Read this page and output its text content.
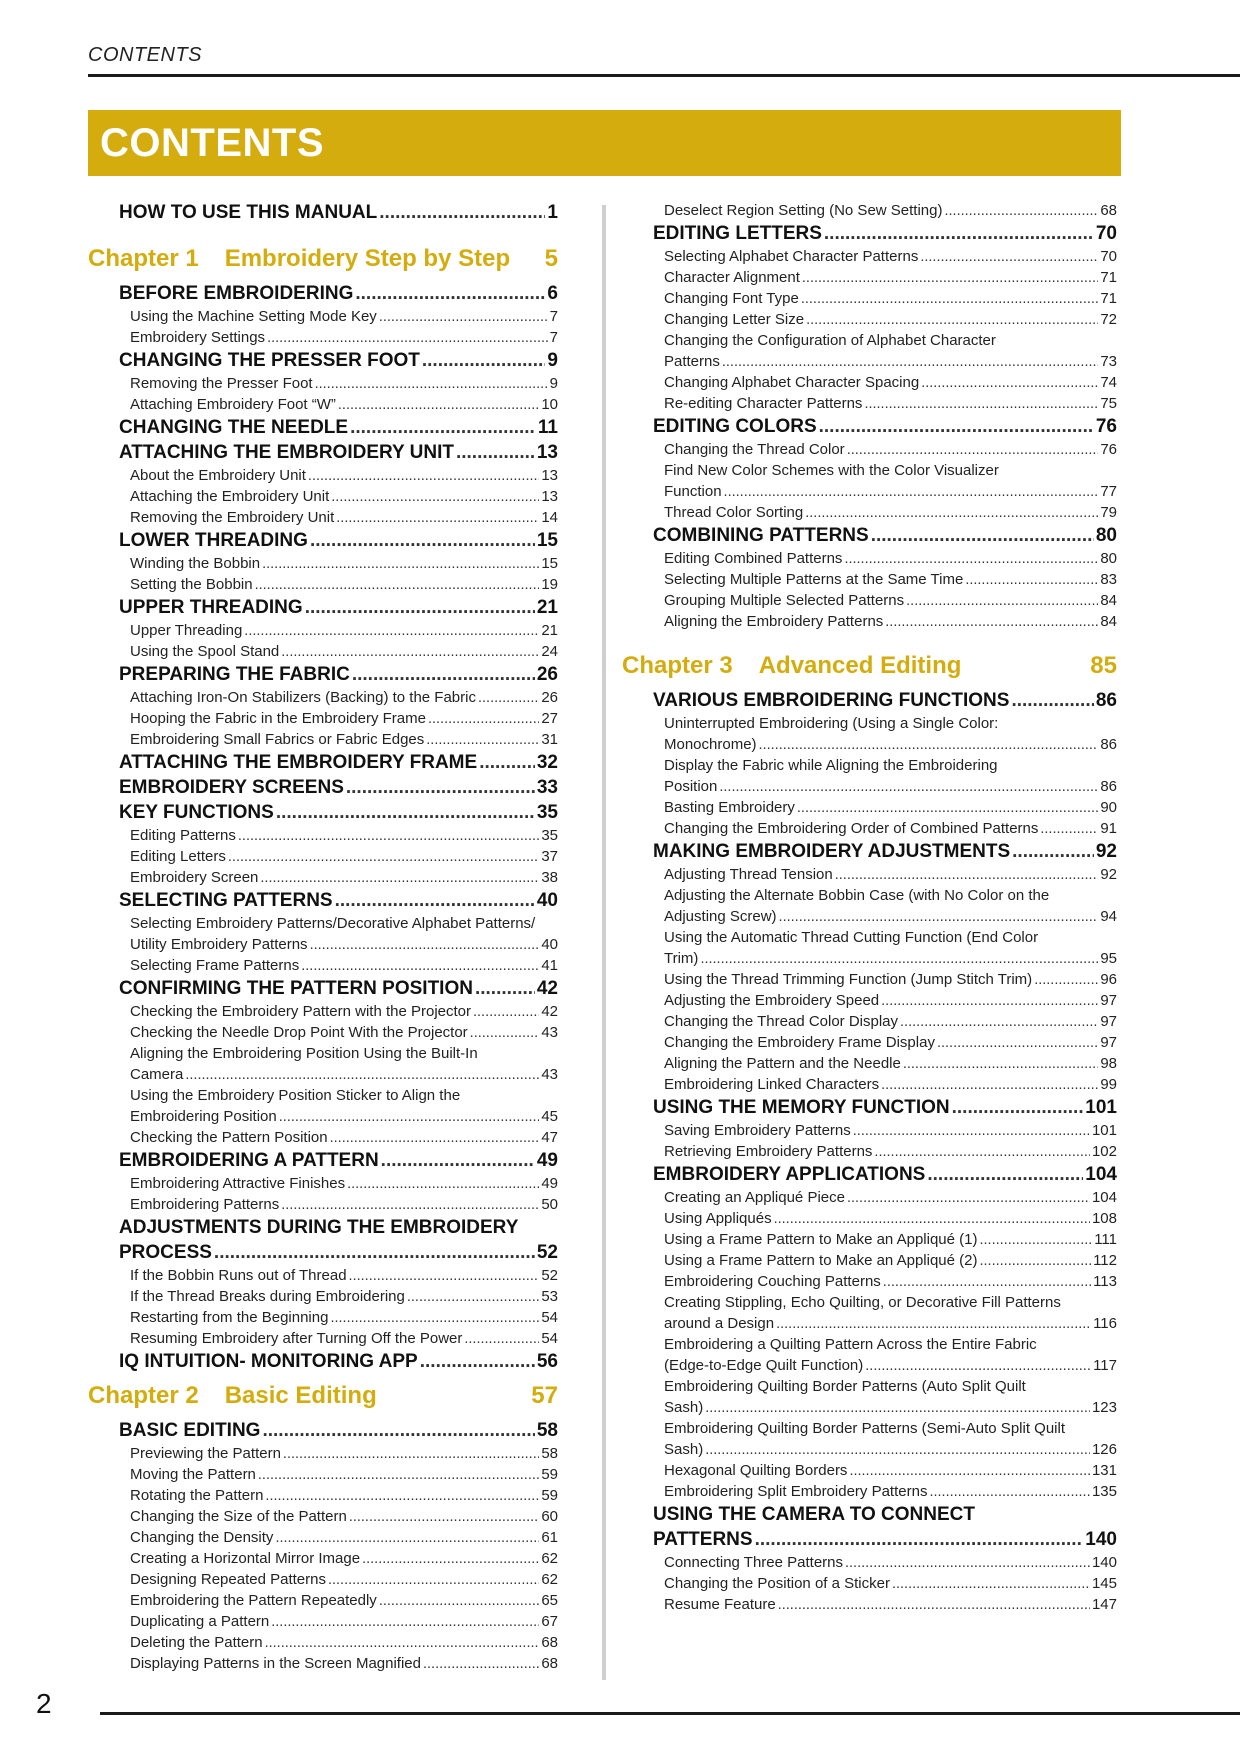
CONTENTS
CONTENTS
HOW TO USE THIS MANUAL .....	1
Chapter 1 Embroidery Step by Step	5
BEFORE EMBROIDERING .....	6
Using the Machine Setting Mode Key .....	7
Embroidery Settings .....	7
CHANGING THE PRESSER FOOT .....	9
Removing the Presser Foot .....	9
Attaching Embroidery Foot “W” .....	10
CHANGING THE NEEDLE .....	11
ATTACHING THE EMBROIDERY UNIT .....	13
About the Embroidery Unit .....	13
Attaching the Embroidery Unit .....	13
Removing the Embroidery Unit .....	14
LOWER THREADING .....	15
Winding the Bobbin .....	15
Setting the Bobbin .....	19
UPPER THREADING .....	21
Upper Threading .....	21
Using the Spool Stand .....	24
PREPARING THE FABRIC .....	26
Attaching Iron-On Stabilizers (Backing) to the Fabric .....	26
Hooping the Fabric in the Embroidery Frame .....	27
Embroidering Small Fabrics or Fabric Edges .....	31
ATTACHING THE EMBROIDERY FRAME .....	32
EMBROIDERY SCREENS .....	33
KEY FUNCTIONS .....	35
Editing Patterns .....	35
Editing Letters .....	37
Embroidery Screen .....	38
SELECTING PATTERNS .....	40
Selecting Embroidery Patterns/Decorative Alphabet Patterns/
Utility Embroidery Patterns .....	40
Selecting Frame Patterns .....	41
CONFIRMING THE PATTERN POSITION .....	42
Checking the Embroidery Pattern with the Projector .....	42
Checking the Needle Drop Point With the Projector .....	43
Aligning the Embroidering Position Using the Built-In
Camera .....	43
Using the Embroidery Position Sticker to Align the
Embroidering Position .....	45
Checking the Pattern Position .....	47
EMBROIDERING A PATTERN .....	49
Embroidering Attractive Finishes .....	49
Embroidering Patterns .....	50
ADJUSTMENTS DURING THE EMBROIDERY
PROCESS .....	52
If the Bobbin Runs out of Thread .....	52
If the Thread Breaks during Embroidering .....	53
Restarting from the Beginning .....	54
Resuming Embroidery after Turning Off the Power .....	54
IQ INTUITION- MONITORING APP .....	56
Chapter 2 Basic Editing	57
BASIC EDITING .....	58
Previewing the Pattern .....	58
Moving the Pattern .....	59
Rotating the Pattern .....	59
Changing the Size of the Pattern .....	60
Changing the Density .....	61
Creating a Horizontal Mirror Image .....	62
Designing Repeated Patterns .....	62
Embroidering the Pattern Repeatedly .....	65
Duplicating a Pattern .....	67
Deleting the Pattern .....	68
Displaying Patterns in the Screen Magnified .....	68
Deselect Region Setting (No Sew Setting) .....	68
EDITING LETTERS .....	70
Selecting Alphabet Character Patterns .....	70
Character Alignment .....	71
Changing Font Type .....	71
Changing Letter Size .....	72
Changing the Configuration of Alphabet Character
Patterns .....	73
Changing Alphabet Character Spacing .....	74
Re-editing Character Patterns .....	75
EDITING COLORS .....	76
Changing the Thread Color .....	76
Find New Color Schemes with the Color Visualizer
Function .....	77
Thread Color Sorting .....	79
COMBINING PATTERNS .....	80
Editing Combined Patterns .....	80
Selecting Multiple Patterns at the Same Time .....	83
Grouping Multiple Selected Patterns .....	84
Aligning the Embroidery Patterns .....	84
Chapter 3 Advanced Editing	85
VARIOUS EMBROIDERING FUNCTIONS .....	86
Uninterrupted Embroidering (Using a Single Color:
Monochrome) .....	86
Display the Fabric while Aligning the Embroidering
Position .....	86
Basting Embroidery .....	90
Changing the Embroidering Order of Combined Patterns .....	91
MAKING EMBROIDERY ADJUSTMENTS .....	92
Adjusting Thread Tension .....	92
Adjusting the Alternate Bobbin Case (with No Color on the
Adjusting Screw) .....	94
Using the Automatic Thread Cutting Function (End Color
Trim) .....	95
Using the Thread Trimming Function (Jump Stitch Trim) .....	96
Adjusting the Embroidery Speed .....	97
Changing the Thread Color Display .....	97
Changing the Embroidery Frame Display .....	97
Aligning the Pattern and the Needle .....	98
Embroidering Linked Characters .....	99
USING THE MEMORY FUNCTION .....	101
Saving Embroidery Patterns .....	101
Retrieving Embroidery Patterns .....	102
EMBROIDERY APPLICATIONS .....	104
Creating an Appliqué Piece .....	104
Using Appliqués .....	108
Using a Frame Pattern to Make an Appliqué (1) .....	111
Using a Frame Pattern to Make an Appliqué (2) .....	112
Embroidering Couching Patterns .....	113
Creating Stippling, Echo Quilting, or Decorative Fill Patterns
around a Design .....	116
Embroidering a Quilting Pattern Across the Entire Fabric
(Edge-to-Edge Quilt Function) .....	117
Embroidering Quilting Border Patterns (Auto Split Quilt
Sash) .....	123
Embroidering Quilting Border Patterns (Semi-Auto Split Quilt
Sash) .....	126
Hexagonal Quilting Borders .....	131
Embroidering Split Embroidery Patterns .....	135
USING THE CAMERA TO CONNECT
PATTERNS .....	140
Connecting Three Patterns .....	140
Changing the Position of a Sticker .....	145
Resume Feature .....	147
2
